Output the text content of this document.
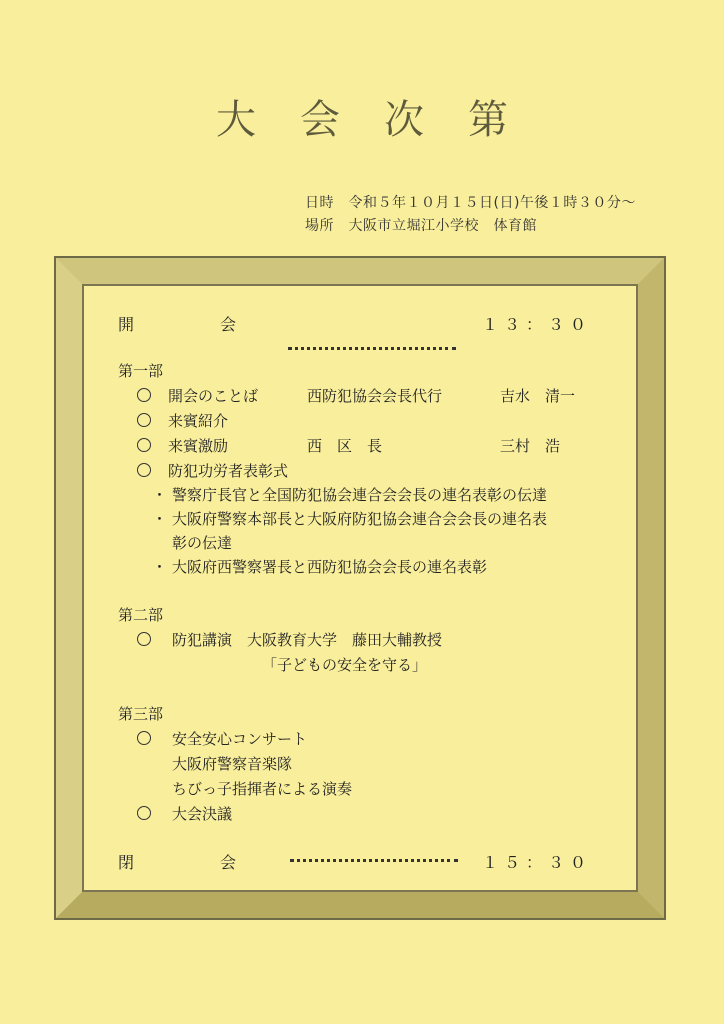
大会次第
日時　令和５年１０月１５日(日)午後１時３０分～
場所　大阪市立堀江小学校　体育館
開	会	１３：３０
第一部
開会のことば	西防犯協会会長代行	吉水　清一
来賓紹介
来賓激励	西　区　長	三村　浩
防犯功労者表彰式
・ 警察庁長官と全国防犯協会連合会会長の連名表彰の伝達
・ 大阪府警察本部長と大阪府防犯協会連合会会長の連名表
彰の伝達
・ 大阪府西警察署長と西防犯協会会長の連名表彰
第二部
防犯講演　大阪教育大学　藤田大輔教授
「子どもの安全を守る」
第三部
安全安心コンサート
大阪府警察音楽隊
ちびっ子指揮者による演奏
大会決議
閉	会	１５：３０
